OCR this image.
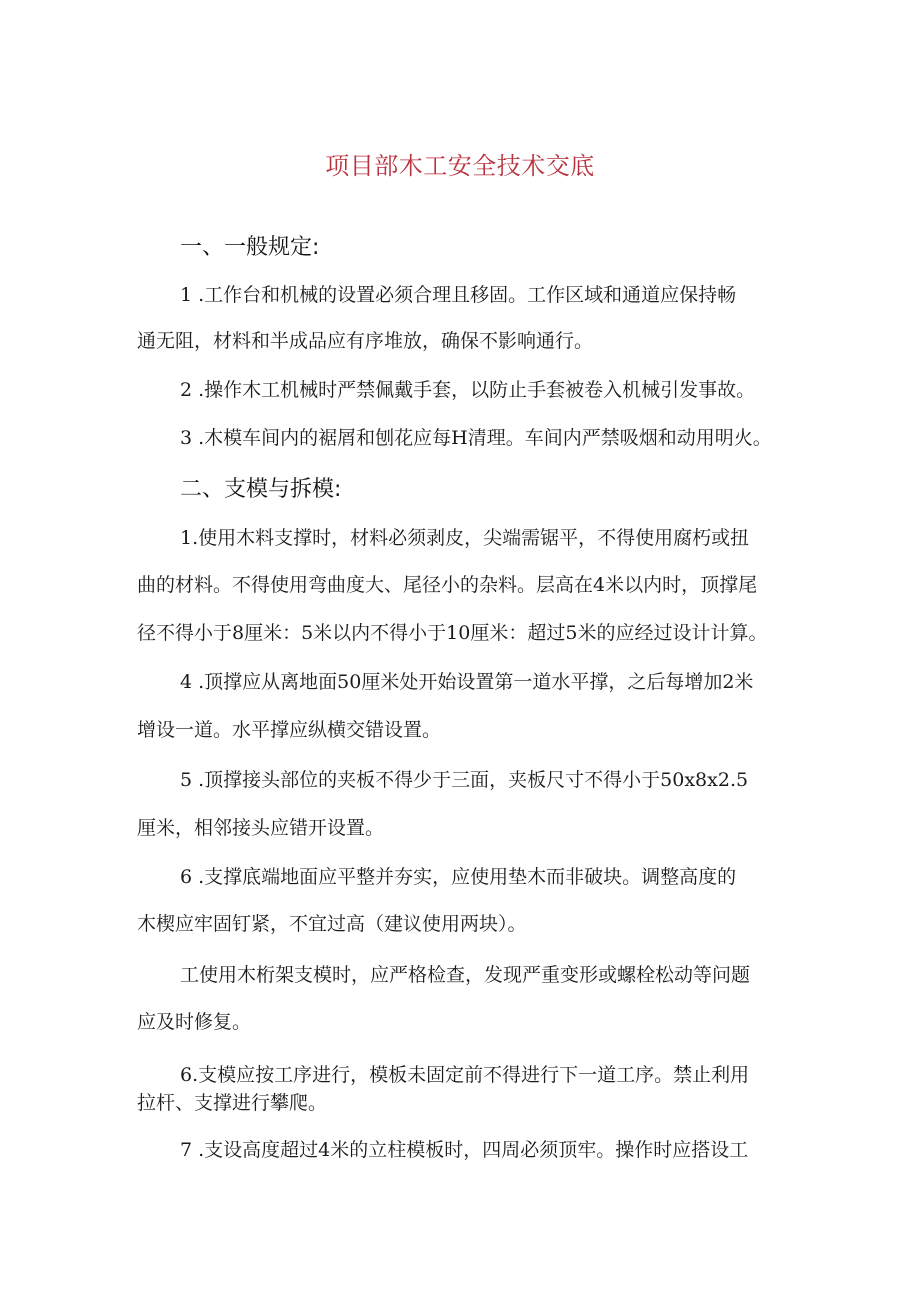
项目部木工安全技术交底
一、一般规定:
1 .工作台和机械的设置必须合理且移固。工作区域和通道应保持畅
通无阻，材料和半成品应有序堆放，确保不影响通行。
2 .操作木工机械时严禁佩戴手套，以防止手套被卷入机械引发事故。
3 .木模车间内的裾屑和刨花应每H清理。车间内严禁吸烟和动用明火。
二、支模与拆模:
1.使用木料支撑时，材料必须剥皮，尖端需锯平，不得使用腐朽或扭
曲的材料。不得使用弯曲度大、尾径小的杂料。层高在4米以内时，顶撑尾
径不得小于8厘米：5米以内不得小于10厘米：超过5米的应经过设计计算。
4 .顶撑应从离地面50厘米处开始设置第一道水平撑，之后每增加2米
增设一道。水平撑应纵横交错设置。
5 .顶撑接头部位的夹板不得少于三面，夹板尺寸不得小于50x8x2.5
厘米，相邻接头应错开设置。
6 .支撑底端地面应平整并夯实，应使用垫木而非破块。调整高度的
木楔应牢固钉紧，不宜过高（建议使用两块）。
工使用木桁架支模时，应严格检查，发现严重变形或螺栓松动等问题
应及时修复。
6.支模应按工序进行，模板未固定前不得进行下一道工序。禁止利用
拉杆、支撑进行攀爬。
7 .支设高度超过4米的立柱模板时，四周必须顶牢。操作时应搭设工
